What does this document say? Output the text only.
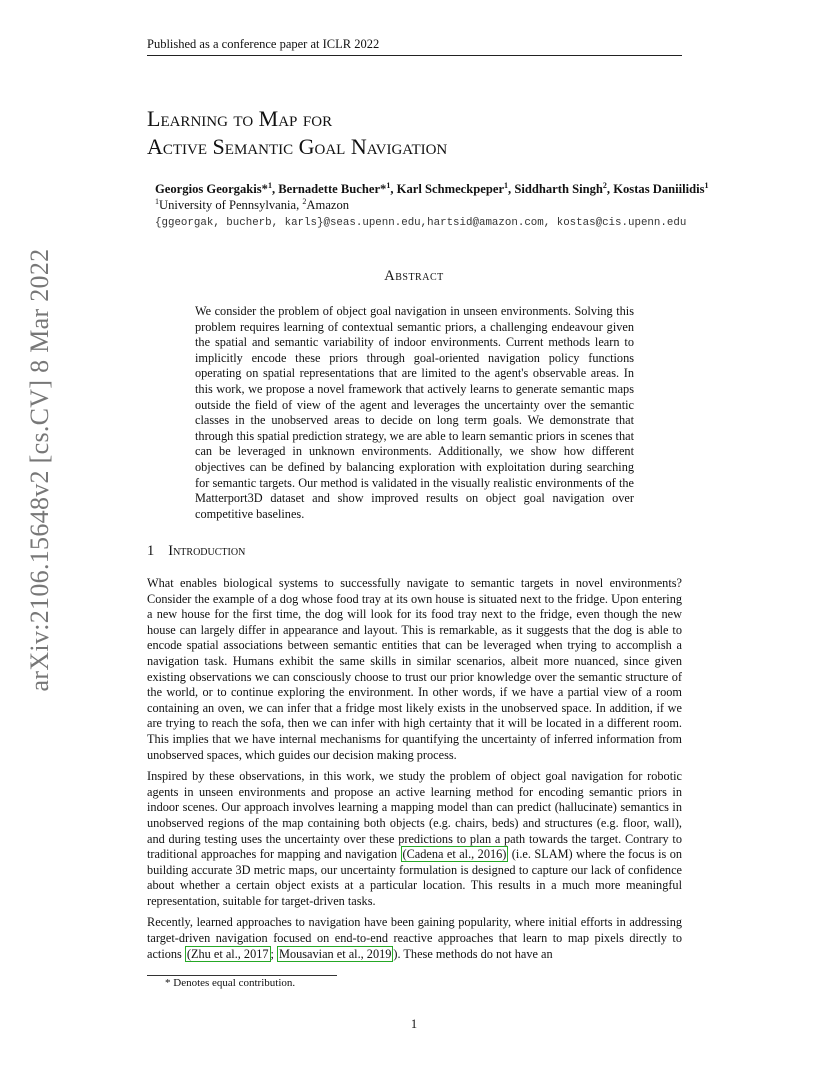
Published as a conference paper at ICLR 2022
arXiv:2106.15648v2 [cs.CV] 8 Mar 2022
Learning to Map for
Active Semantic Goal Navigation
Georgios Georgakis*$^1$, Bernadette Bucher*$^1$, Karl Schmeckpeper$^1$, Siddharth Singh$^2$, Kostas Daniilidis$^1$
$^1$University of Pennsylvania, $^2$Amazon
{ggeorgak, bucherb, karls}@seas.upenn.edu,hartsid@amazon.com, kostas@cis.upenn.edu
Abstract
We consider the problem of object goal navigation in unseen environments. Solving this problem requires learning of contextual semantic priors, a challenging endeavour given the spatial and semantic variability of indoor environments. Current methods learn to implicitly encode these priors through goal-oriented navigation policy functions operating on spatial representations that are limited to the agent's observable areas. In this work, we propose a novel framework that actively learns to generate semantic maps outside the field of view of the agent and leverages the uncertainty over the semantic classes in the unobserved areas to decide on long term goals. We demonstrate that through this spatial prediction strategy, we are able to learn semantic priors in scenes that can be leveraged in unknown environments. Additionally, we show how different objectives can be defined by balancing exploration with exploitation during searching for semantic targets. Our method is validated in the visually realistic environments of the Matterport3D dataset and show improved results on object goal navigation over competitive baselines.
1 Introduction

What enables biological systems to successfully navigate to semantic targets in novel environments? Consider the example of a dog whose food tray at its own house is situated next to the fridge. Upon entering a new house for the first time, the dog will look for its food tray next to the fridge, even though the new house can largely differ in appearance and layout. This is remarkable, as it suggests that the dog is able to encode spatial associations between semantic entities that can be leveraged when trying to accomplish a navigation task. Humans exhibit the same skills in similar scenarios, albeit more nuanced, since given existing observations we can consciously choose to trust our prior knowledge over the semantic structure of the world, or to continue exploring the environment. In other words, if we have a partial view of a room containing an oven, we can infer that a fridge most likely exists in the unobserved space. In addition, if we are trying to reach the sofa, then we can infer with high certainty that it will be located in a different room. This implies that we have internal mechanisms for quantifying the uncertainty of inferred information from unobserved spaces, which guides our decision making process.

Inspired by these observations, in this work, we study the problem of object goal navigation for robotic agents in unseen environments and propose an active learning method for encoding semantic priors in indoor scenes. Our approach involves learning a mapping model than can predict (hallucinate) semantics in unobserved regions of the map containing both objects (e.g. chairs, beds) and structures (e.g. floor, wall), and during testing uses the uncertainty over these predictions to plan a path towards the target. Contrary to traditional approaches for mapping and navigation (Cadena et al., 2016) (i.e. SLAM) where the focus is on building accurate 3D metric maps, our uncertainty formulation is designed to capture our lack of confidence about whether a certain object exists at a particular location. This results in a much more meaningful representation, suitable for target-driven tasks.

Recently, learned approaches to navigation have been gaining popularity, where initial efforts in addressing target-driven navigation focused on end-to-end reactive approaches that learn to map pixels directly to actions (Zhu et al., 2017 ; Mousavian et al., 2019 ). These methods do not have an

* Denotes equal contribution.
1
